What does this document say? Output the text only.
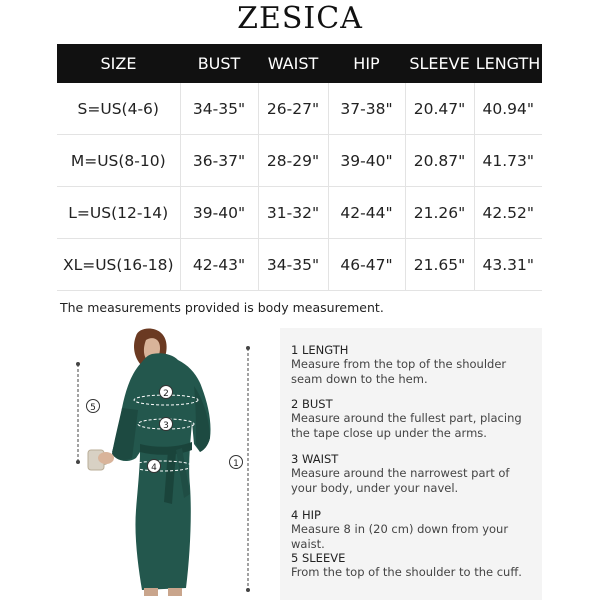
ZESICA
SIZE	BUST	WAIST	HIP	SLEEVE	LENGTH
S=US(4-6)	34-35"	26-27"	37-38"	20.47"	40.94"
M=US(8-10)	36-37"	28-29"	39-40"	20.87"	41.73"
L=US(12-14)	39-40"	31-32"	42-44"	21.26"	42.52"
XL=US(16-18)	42-43"	34-35"	46-47"	21.65"	43.31"
The measurements provided is body measurement.
2
3
4
5
1
1 LENGTH
Measure from the top of the shoulder
seam down to the hem.
2 BUST
Measure around the fullest part, placing
the tape close up under the arms.
3 WAIST
Measure around the narrowest part of
your body, under your navel.
4 HIP
Measure 8 in (20 cm) down from your waist.
5 SLEEVE
From the top of the shoulder to the cuff.
